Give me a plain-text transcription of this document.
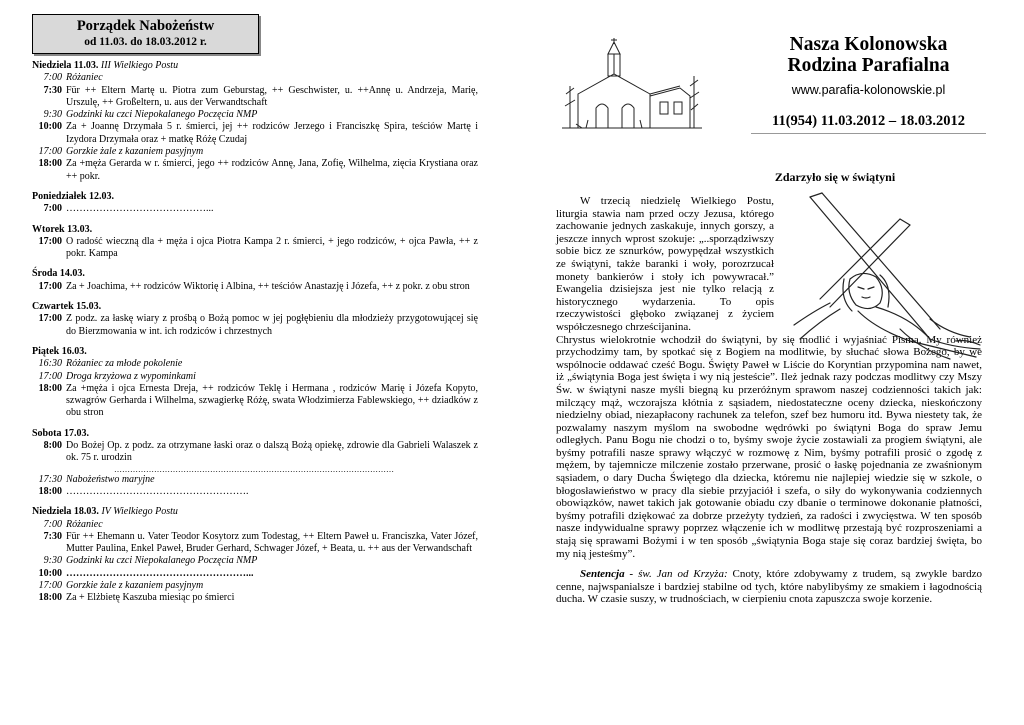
Porządek Nabożeństw
od 11.03. do 18.03.2012 r.
Niedziela 11.03. III Wielkiego Postu
7:00 Różaniec
7:30 Für ++ Eltern Martę u. Piotra zum Geburstag, ++ Geschwister, u. ++Annę u. Andrzeja, Marię, Urszulę, ++ Großeltern, u. aus der Verwandtschaft
9:30 Godzinki ku czci Niepokalanego Poczęcia NMP
10:00 Za + Joannę Drzymała 5 r. śmierci, jej ++ rodziców Jerzego i Franciszkę Spira, teściów Martę i Izydora Drzymała oraz + matkę Różę Czudaj
17:00 Gorzkie żale z kazaniem pasyjnym
18:00 Za +męża Gerarda w r. śmierci, jego ++ rodziców Annę, Jana, Zofię, Wilhelma, zięcia Krystiana oraz ++ pokr.
Poniedziałek 12.03.
7:00 ……………………………………...
Wtorek 13.03.
17:00 O radość wieczną dla + męża i ojca Piotra Kampa 2 r. śmierci, + jego rodziców, + ojca Pawła, ++ z pokr. Kampa
Środa 14.03.
17:00 Za + Joachima, ++ rodziców Wiktorię i Albina, ++ teściów Anastazję i Józefa, ++ z pokr. z obu stron
Czwartek 15.03.
17:00 Z podz. za łaskę wiary z prośbą o Bożą pomoc w jej pogłębieniu dla młodzieży przygotowującej się do Bierzmowania w int. ich rodziców i chrzestnych
Piątek 16.03.
16:30 Różaniec za młode pokolenie
17:00 Droga krzyżowa z wypominkami
18:00 Za +męża i ojca Ernesta Dreja, ++ rodziców Teklę i Hermana , rodziców Marię i Józefa Kopyto, szwagrów Gerharda i Wilhelma, szwagierkę Różę, swata Włodzimierza Fablewskiego, ++ dziadków z obu stron
Sobota 17.03.
8:00 Do Bożej Op. z podz. za otrzymane łaski oraz o dalszą Bożą opiekę, zdrowie dla Gabrieli Walaszek z ok. 75 r. urodzin
……………………………………………………………………………………………
17:30 Nabożeństwo maryjne
18:00 ……………………………………………….
Niedziela 18.03. IV Wielkiego Postu
7:00 Różaniec
7:30 Für ++ Ehemann u. Vater Teodor Kosytorz zum Todestag, ++ Eltern Paweł u. Franciszka, Vater Józef, Mutter Paulina, Enkel Paweł, Bruder Gerhard, Schwager Józef, + Beata, u. ++ aus der Verwandschaft
9:30 Godzinki ku czci Niepokalanego Poczęcia NMP
10:00 ………………………………………………...
17:00 Gorzkie żale z kazaniem pasyjnym
18:00 Za + Elżbietę Kaszuba miesiąc po śmierci
Nasza Kolonowska
Rodzina Parafialna
www.parafia-kolonowskie.pl
11(954) 11.03.2012 – 18.03.2012
Zdarzyło się w świątyni

W trzecią niedzielę Wielkiego Postu, liturgia stawia nam przed oczy Jezusa, którego zachowanie jednych zaskakuje, innych gorszy, a jeszcze innych wprost szokuje: „..sporządziwszy sobie bicz ze sznurków, powypędzał wszystkich ze świątyni, także baranki i woły, porozrzucał monety bankierów i stoły ich powywracał.” Ewangelia dzisiejsza jest nie tylko relacją z historycznego wydarzenia. To opis rzeczywistości głęboko związanej z życiem współczesnego chrześcijanina.

Chrystus wielokrotnie wchodził do świątyni, by się modlić i wyjaśniać Pisma. My również przychodzimy tam, by spotkać się z Bogiem na modlitwie, by słuchać słowa Bożego, by we wspólnocie oddawać cześć Bogu. Święty Paweł w Liście do Koryntian przypomina nam nawet, iż „świątynia Boga jest święta i wy nią jesteście”. Ileż jednak razy podczas modlitwy czy Mszy Św. w świątyni nasze myśli biegną ku przeróżnym sprawom naszej codzienności takich jak: milczący mąż, wczorajsza kłótnia z sąsiadem, niedostateczne oceny dziecka, nieskończony niedzielny obiad, niezapłacony rachunek za telefon, szef bez humoru itd. Bywa niestety tak, że pozwalamy naszym myślom na swobodne wędrówki po świątyni Boga do spraw Jemu odległych. Panu Bogu nie chodzi o to, byśmy swoje życie zostawiali za progiem świątyni, ale byśmy potrafili nasze sprawy włączyć w rozmowę z Nim, byśmy potrafili prosić o zgodę z mężem, by tajemnicze milczenie zostało przerwane, prosić o łaskę pojednania ze zwaśnionym sąsiadem, o dary Ducha Świętego dla dziecka, któremu nie najlepiej wiedzie się w szkole, o błogosławieństwo w pracy dla siebie przyjaciół i szefa, o siły do wykonywania codziennych obowiązków, nawet takich jak gotowanie obiadu czy dbanie o terminowe dokonanie płatności, byśmy potrafili dziękować za dobrze przeżyty tydzień, za radości i zwycięstwa. W ten sposób nasze indywidualne sprawy poprzez włączenie ich w modlitwę przestają być rozproszeniami a stają się sprawami Bożymi i w ten sposób „świątynia Boga staje się coraz bardziej święta, bo my nią jesteśmy”.

Sentencja - św. Jan od Krzyża: Cnoty, które zdobywamy z trudem, są zwykle bardzo cenne, najwspanialsze i bardziej stabilne od tych, które nabylibyśmy ze smakiem i łagodnością ducha. W czasie suszy, w trudnościach, w cierpieniu cnota zapuszcza swoje korzenie.
